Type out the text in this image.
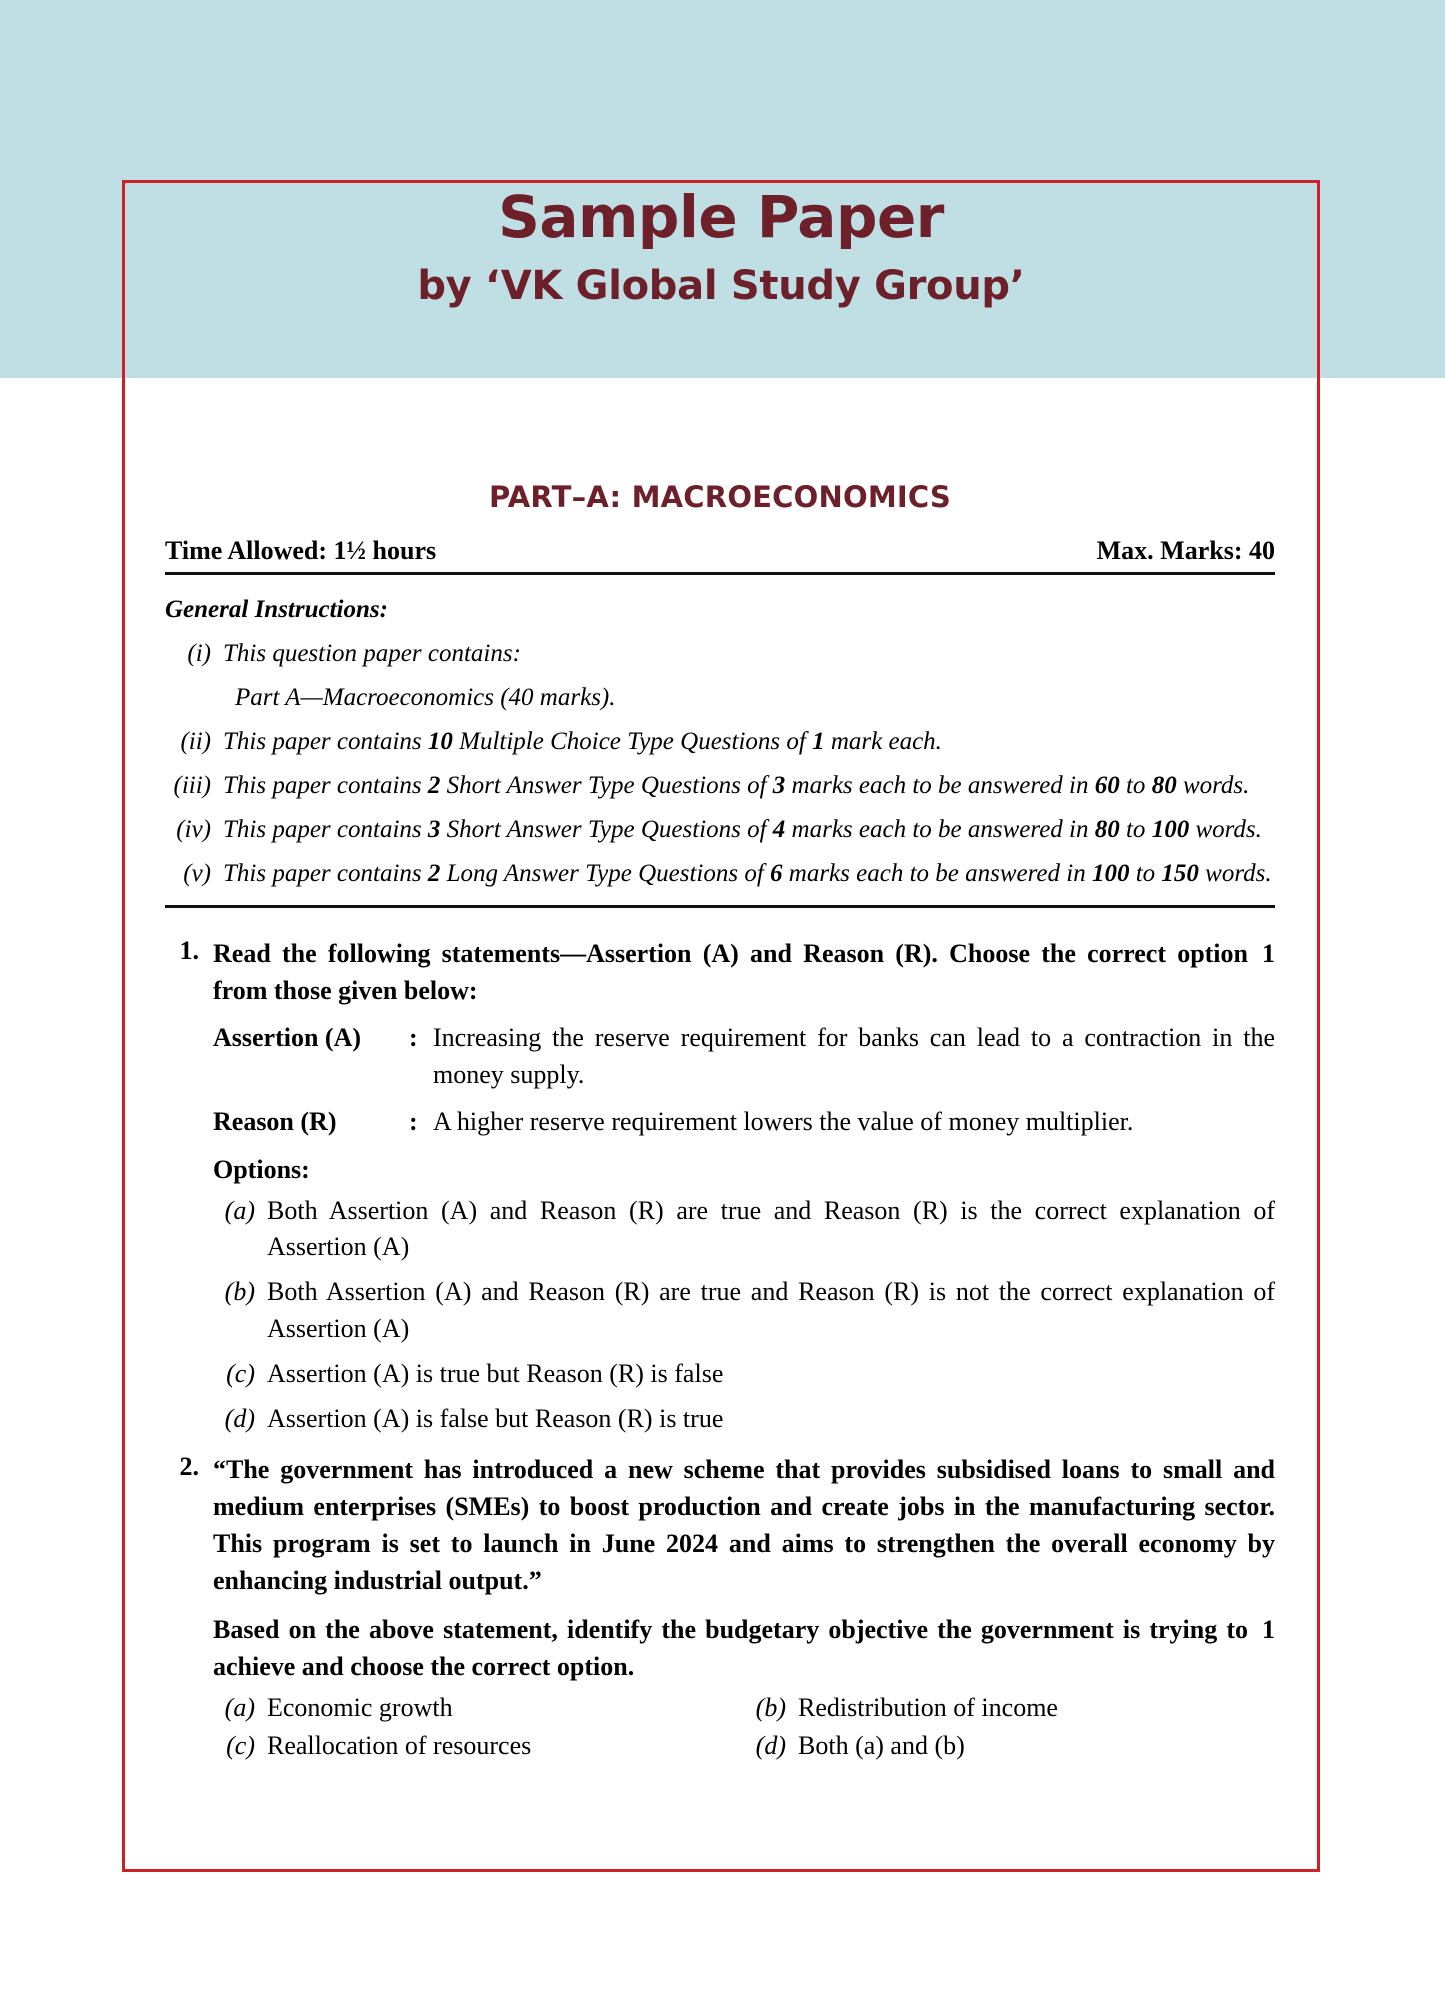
Sample Paper
by ‘VK Global Study Group’
PART–A: MACROECONOMICS
Time Allowed: 1½ hours	Max. Marks: 40
General Instructions:
(i) This question paper contains:
Part A—Macroeconomics (40 marks).
(ii) This paper contains 10 Multiple Choice Type Questions of 1 mark each.
(iii) This paper contains 2 Short Answer Type Questions of 3 marks each to be answered in 60 to 80 words.
(iv) This paper contains 3 Short Answer Type Questions of 4 marks each to be answered in 80 to 100 words.
(v) This paper contains 2 Long Answer Type Questions of 6 marks each to be answered in 100 to 150 words.
1.	1
Read the following statements—Assertion (A) and Reason (R). Choose the correct option from those given below:
Assertion (A)	: Increasing the reserve requirement for banks can lead to a contraction in the money supply.
Reason (R)	: A higher reserve requirement lowers the value of money multiplier.
Options:
(a) Both Assertion (A) and Reason (R) are true and Reason (R) is the correct explanation of Assertion (A)
(b) Both Assertion (A) and Reason (R) are true and Reason (R) is not the correct explanation of Assertion (A)
(c) Assertion (A) is true but Reason (R) is false
(d) Assertion (A) is false but Reason (R) is true
2. “The government has introduced a new scheme that provides subsidised loans to small and medium enterprises (SMEs) to boost production and create jobs in the manufacturing sector. This program is set to launch in June 2024 and aims to strengthen the overall economy by enhancing industrial output.”
1
Based on the above statement, identify the budgetary objective the government is trying to achieve and choose the correct option.
(a) Economic growth	(b) Redistribution of income
(c) Reallocation of resources	(d) Both (a) and (b)
